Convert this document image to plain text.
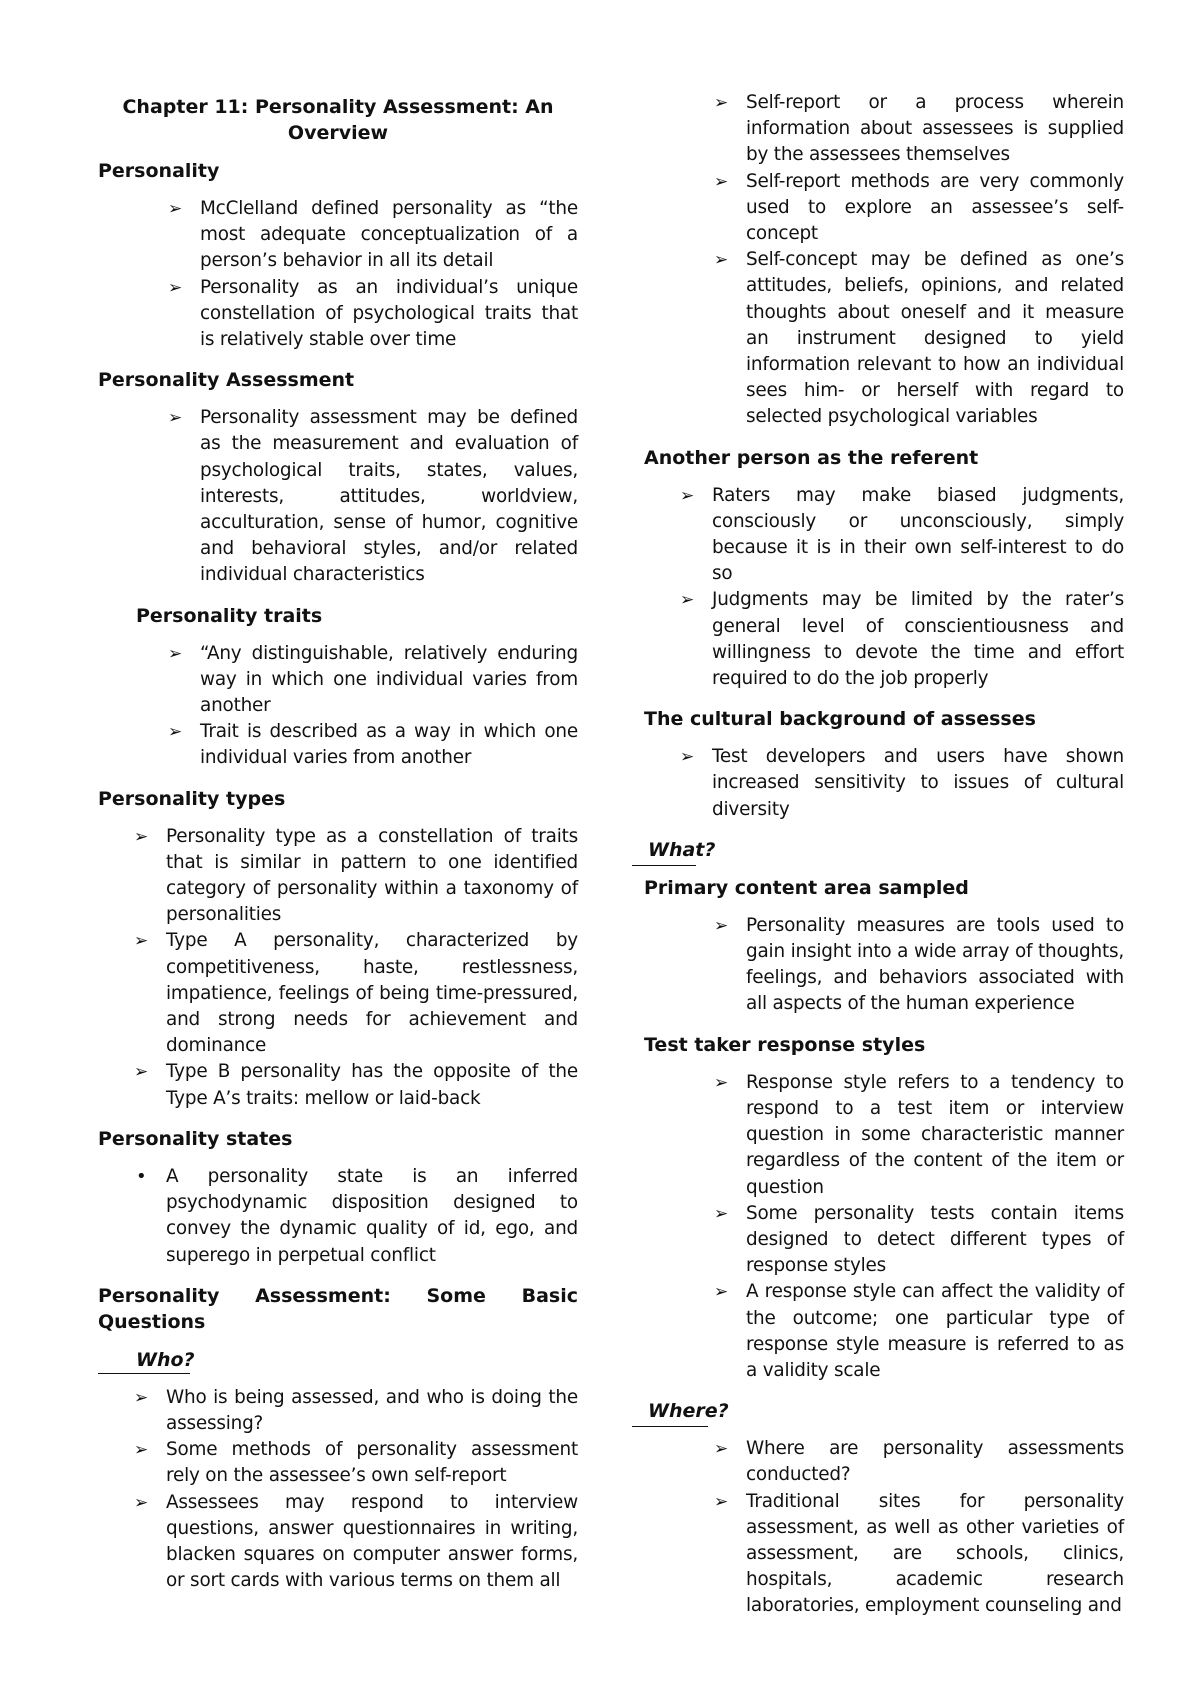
Chapter 11: Personality Assessment: An Overview
Personality
➢ McClelland defined personality as “the most adequate conceptualization of a person’s behavior in all its detail
➢ Personality as an individual’s unique constellation of psychological traits that is relatively stable over time
Personality Assessment
➢ Personality assessment may be defined as the measurement and evaluation of psychological traits, states, values, interests, attitudes, worldview, acculturation, sense of humor, cognitive and behavioral styles, and/or related individual characteristics
Personality traits
➢ “Any distinguishable, relatively enduring way in which one individual varies from another
➢ Trait is described as a way in which one individual varies from another
Personality types
➢ Personality type as a constellation of traits that is similar in pattern to one identified category of personality within a taxonomy of personalities
➢ Type A personality, characterized by competitiveness, haste, restlessness, impatience, feelings of being time-pressured, and strong needs for achievement and dominance
➢ Type B personality has the opposite of the Type A’s traits: mellow or laid-back
Personality states
• A personality state is an inferred psychodynamic disposition designed to convey the dynamic quality of id, ego, and superego in perpetual conflict
Personality Assessment: Some Basic Questions
Who?
➢ Who is being assessed, and who is doing the assessing?
➢ Some methods of personality assessment rely on the assessee’s own self-report
➢ Assessees may respond to interview questions, answer questionnaires in writing, blacken squares on computer answer forms, or sort cards with various terms on them all
➢ Self-report or a process wherein information about assessees is supplied by the assessees themselves
➢ Self-report methods are very commonly used to explore an assessee’s self-concept
➢ Self-concept may be defined as one’s attitudes, beliefs, opinions, and related thoughts about oneself and it measure an instrument designed to yield information relevant to how an individual sees him- or herself with regard to selected psychological variables
Another person as the referent
➢ Raters may make biased judgments, consciously or unconsciously, simply because it is in their own self-interest to do so
➢ Judgments may be limited by the rater’s general level of conscientiousness and willingness to devote the time and effort required to do the job properly
The cultural background of assesses
➢ Test developers and users have shown increased sensitivity to issues of cultural diversity
What?
Primary content area sampled
➢ Personality measures are tools used to gain insight into a wide array of thoughts, feelings, and behaviors associated with all aspects of the human experience
Test taker response styles
➢ Response style refers to a tendency to respond to a test item or interview question in some characteristic manner regardless of the content of the item or question
➢ Some personality tests contain items designed to detect different types of response styles
➢ A response style can affect the validity of the outcome; one particular type of response style measure is referred to as a validity scale
Where?
➢ Where are personality assessments conducted?
➢ Traditional sites for personality assessment, as well as other varieties of assessment, are schools, clinics, hospitals, academic research laboratories, employment counseling and
